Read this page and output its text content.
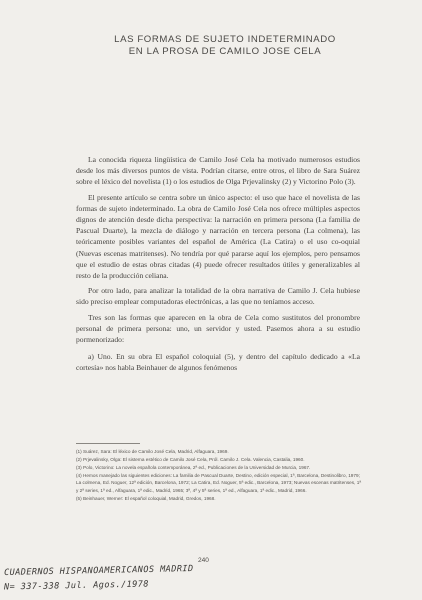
LAS FORMAS DE SUJETO INDETERMINADO
EN LA PROSA DE CAMILO JOSE CELA

La conocida riqueza lingüística de Camilo José Cela ha motivado numerosos estudios desde los más diversos puntos de vista. Podrían citarse, entre otros, el libro de Sara Suárez sobre el léxico del novelista (1) o los estudios de Olga Prjevalinsky (2) y Victorino Polo (3).

El presente artículo se centra sobre un único aspecto: el uso que hace el novelista de las formas de sujeto indeterminado. La obra de Camilo José Cela nos ofrece múltiples aspectos dignos de atención desde dicha perspectiva: la narración en primera persona (La familia de Pascual Duarte), la mezcla de diálogo y narración en tercera persona (La colmena), las teóricamente posibles variantes del español de América (La Catira) o el uso co-oquial (Nuevas escenas matritenses). No tendría por qué pararse aquí los ejemplos, pero pensamos que el estudio de estas obras citadas (4) puede ofrecer resultados útiles y generalizables al resto de la producción celiana.

Por otro lado, para analizar la totalidad de la obra narrativa de Camilo J. Cela hubiese sido preciso emplear computadoras electrónicas, a las que no teníamos acceso.

Tres son las formas que aparecen en la obra de Cela como sustitutos del pronombre personal de primera persona: uno, un servidor y usted. Pasemos ahora a su estudio pormenorizado:

a) Uno. En su obra El español coloquial (5), y dentro del capítulo dedicado a «La cortesía» nos habla Beinhauer de algunos fenómenos

(1) Suárez, Sara: El léxico de Camilo José Cela, Madrid, Alfaguara, 1969.
(2) Prjevalinsky, Olga: El sistema estético de Camilo José Cela, Pról. Camilo J. Cela. Valencia, Castalia, 1960.
(3) Polo, Victorino: La novela española contemporánea, 2ª ed., Publicaciones de la Universidad de Murcia, 1967.
(4) Hemos manejado las siguientes ediciones: La familia de Pascual Duarte, Destino, edición especial, 1ª, Barcelona, Destinolibro, 1979; La colmena, Ed. Noguer, 12ª edición, Barcelona, 1972; La Catira, Ed. Noguer, 5ª edic., Barcelona, 1973; Nuevas escenas matritenses, 1ª y 2ª series, 1ª ed., Alfaguara, 1ª edic., Madrid, 1965; 3ª, 4ª y 5ª series, 1ª ed., Alfaguara, 1ª edic., Madrid, 1966.
(5) Beinhauer, Werner: El español coloquial, Madrid, Gredos, 1968.
240
CUADERNOS HISPANOAMERICANOS MADRID
N= 337-338 Jul. Agos./1978
